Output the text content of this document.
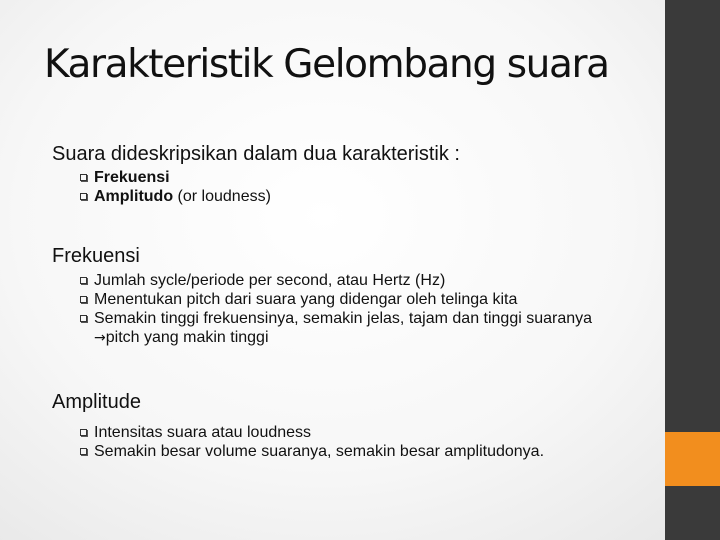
Karakteristik Gelombang suara
Suara dideskripsikan dalam dua karakteristik :
Frekuensi
Amplitudo (or loudness)
Frekuensi
Jumlah sycle/periode per second, atau Hertz (Hz)
Menentukan pitch dari suara yang didengar oleh telinga kita
Semakin tinggi frekuensinya, semakin jelas, tajam dan tinggi suaranya
→pitch yang makin tinggi
Amplitude
Intensitas suara atau loudness
Semakin besar volume suaranya, semakin besar amplitudonya.
